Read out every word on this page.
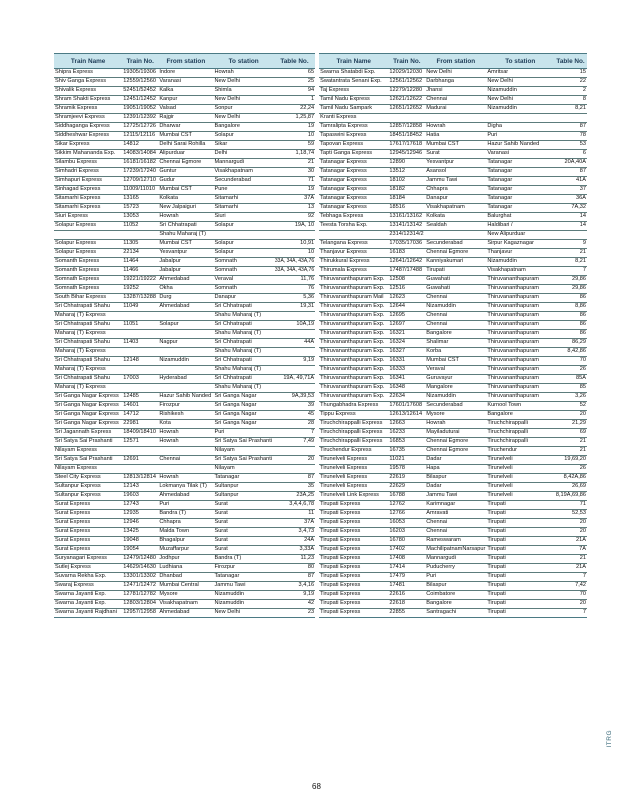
Train Name	Train No.	From station	To station	Table No.
Shipra Express	19305/19306	Indore	Howrah	65
Shiv Ganga Express	12559/12560	Varanasi	New Delhi	25
Shivalik Express	52451/52452	Kalka	Shimla	94
Shram Shakti Express	12451/12452	Kanpur	New Delhi	1
Shramik Express	19051/19052	Valsad	Sonpur	22,24
Shramjeevi Express	12391/12392	Rajgir	New Delhi	1,25,87
Siddhaganga Express	12725/12726	Dharwar	Bangalore	19
Siddheshwar Express	12115/12116	Mumbai CST	Solapur	10
Sikar Express	14812	Delhi Sarai Rohilla	Sikar	59
Sikkim Mahananda Exp.	14083/14084	Alipurduar	Delhi	1,18,74
Silambu Express	16181/16182	Chennai Egmore	Mannargudi	21
Simhadri Express	17239/17240	Guntur	Visakhapatnam	30
Simhapuri Express	12709/12710	Gudur	Secunderabad	71
Sinhagad Express	11009/11010	Mumbai CST	Pune	19
Sitamarhi Express	13165	Kolkata	Sitamarhi	37A
Sitamarhi Express	15723	New Jalpaiguri	Sitamarhi	13
Siuri Express	13053	Howrah	Siuri	92
Solapur Express	11052	Sri Chhatrapati	Solapur	19A, 10
		Shahu Maharaj (T)		
Solapur Express	11305	Mumbai CST	Solapur	10,91
Solapur Express	22134	Yesvantpur	Solapur	10
Somanth Express	11464	Jabalpur	Somnath	33A, 34A, 43A,76
Somanth Express	11466	Jabalpur	Somnath	33A, 34A, 43A,76
Somnath Express	19221/19222	Ahmedabad	Veraval	11,76
Somnath Express	19252	Okha	Somnath	76
South Bihar Express	13287/13288	Durg	Danapur	5,36
Sri Chhatrapati Shahu	11049	Ahmedabad	Sri Chhatrapati	19,31
Maharaj (T) Express			Shahu Maharaj (T)	
Sri Chhatrapati Shahu	11051	Solapur	Sri Chhatrapati	10A,19
Maharaj (T) Express			Shahu Maharaj (T)	
Sri Chhatrapati Shahu	11403	Nagpur	Sri Chhatrapati	44A
Maharaj (T) Express			Shahu Maharaj (T)	
Sri Chhatrapati Shahu	12148	Nizamuddin	Sri Chhatrapati	9,19
Maharaj (T) Express			Shahu Maharaj (T)	
Sri Chhatrapati Shahu	17003	Hyderabad	Sri Chhatrapati	19A, 49,71A
Maharaj (T) Express			Shahu Maharaj (T)	
Sri Ganga Nagar Express	12485	Hazur Sahib Nanded	Sri Ganga Nagar	9A,39,53
Sri Ganga Nagar Express	14601	Firozpur	Sri Ganga Nagar	39
Sri Ganga Nagar Express	14712	Rishikesh	Sri Ganga Nagar	45
Sri Ganga Nagar Express	22981	Kota	Sri Ganga Nagar	28
Sri Jagannath Express	18409/18410	Howrah	Puri	7
Sri Satya Sai Prashanti	12571	Howrah	Sri Satya Sai Prashanti	7,49
Nilayam Express			Nilayam	
Sri Satya Sai Prashanti	12691	Chennai	Sri Satya Sai Prashanti	20
Nilayam Express			Nilayam	
Steel City Express	12813/12814	Howrah	Tatanagar	87
Sultanpur Express	12143	Lokmanya Tilak (T)	Sultanpur	35
Sultanpur Express	19603	Ahmedabad	Sultanpur	23A,25
Surat Express	12743	Puri	Surat	3,4,4,6,78
Surat Express	12935	Bandra (T)	Surat	11
Surat Express	12946	Chhapra	Surat	37A
Surat Express	13425	Malda Town	Surat	3,4,73
Surat Express	19048	Bhagalpur	Surat	24A
Surat Express	19054	Muzaffarpur	Surat	3,33A
Suryanagari Express	12479/12480	Jodhpur	Bandra (T)	11,23
Sutlej Express	14629/14630	Ludhiana	Firozpur	80
Suvarna Rekha Exp.	13301/13302	Dhanbad	Tatanagar	87
Swaraj Express	12471/12472	Mumbai Central	Jammu Tawi	3,4,16
Swarna Jayanti Exp.	12781/12782	Mysore	Nizamuddin	9,19
Swarna Jayanti Exp.	12803/12804	Visakhapatnam	Nizamuddin	42
Swarna Jayanti Rajdhani	12957/12958	Ahmedabad	New Delhi	23
Train Name	Train No.	From station	To station	Table No.
Swarna Shatabdi Exp.	12029/12030	New Delhi	Amritsar	15
Swatantrata Senani Exp.	12561/12562	Darbhanga	New Delhi	22
Taj Express	12279/12280	Jhansi	Nizamuddin	2
Tamil Nadu Express	12621/12622	Chennai	New Delhi	8
Tamil Nadu Sampark	12651/12652	Madurai	Nizamuddin	8,21
Kranti Express				
Tamralipta Express	12857/12858	Howrah	Digha	87
Tapaswini Express	18451/18452	Hatia	Puri	78
Tapovan Express	17617/17618	Mumbai CST	Hazur Sahib Nanded	53
Tapti Ganga Express	12945/12946	Surat	Varanasi	6
Tatanagar Express	12890	Yesvantpur	Tatanagar	20A,40A
Tatanagar Express	13512	Asansol	Tatanagar	87
Tatanagar Express	18102	Jammu Tawi	Tatanagar	41A
Tatanagar Express	18182	Chhapra	Tatanagar	37
Tatanagar Express	18184	Danapur	Tatanagar	36A
Tatanagar Express	18516	Visakhapatnam	Tatanagar	7A,32
Tebhaga Express	13161/13162	Kolkata	Balurghat	14
Teesta Torsha Exp.	13141/13142	Sealdah	Haldibari /	14
	2314/12314/2		New Alipurduar	
Telangana Express	17035/17036	Secunderabad	Sirpur Kagaznagar	9
Thanjavur Express	16183	Chennai Egmore	Thanjavur	21
Thirukkural Express	12641/12642	Kanniyakumari	Nizamuddin	8,21
Thirumala Express	17487/17488	Tirupati	Visakhapatnam	7
Thiruvananthapuram Exp.	12508	Guwahati	Thiruvananthapuram	29,86
Thiruvananthapuram Exp.	12516	Guwahati	Thiruvananthapuram	29,86
Thiruvananthapuram Mail	12623	Chennai	Thiruvananthapuram	86
Thiruvananthapuram Exp.	12644	Nizamuddin	Thiruvananthapuram	8,86
Thiruvananthapuram Exp.	12695	Chennai	Thiruvananthapuram	86
Thiruvananthapuram Exp.	12697	Chennai	Thiruvananthapuram	86
Thiruvananthapuram Exp.	16321	Bangalore	Thiruvananthapuram	86
Thiruvananthapuram Exp.	16324	Shalimar	Thiruvananthapuram	86,29
Thiruvananthapuram Exp.	16327	Korba	Thiruvananthapuram	8,42,86
Thiruvananthapuram Exp.	16331	Mumbai CST	Thiruvananthapuram	70
Thiruvananthapuram Exp.	16333	Veraval	Thiruvananthapuram	26
Thiruvananthapuram Exp.	16341	Guruvayur	Thiruvananthapuram	85A
Thiruvananthapuram Exp.	16348	Mangalore	Thiruvananthapuram	85
Thiruvananthapuram Exp.	22634	Nizamuddin	Thiruvananthapuram	3,26
Thungabhadra Express	17601/17608	Secunderabad	Kurnool Town	52
Tippu Express	12613/12614	Mysore	Bangalore	20
Tiruchchirappalli Express	12663	Howrah	Tiruchchirappalli	21,29
Tiruchchirappalli Express	16233	Mayiladuturai	Tiruchchirappalli	69
Tiruchchirappalli Express	16853	Chennai Egmore	Tiruchchirappalli	21
Tiruchendur Express	16735	Chennai Egmore	Tiruchendur	21
Tirunelveli Express	11021	Dadar	Tirunelveli	19,69,20
Tirunelveli Express	19578	Hapa	Tirunelveli	26
Tirunelveli Express	22619	Bilaspur	Tirunelveli	8,42A,86
Tirunelveli Express	22629	Dadar	Tirunelveli	26,69
Tirunelveli Link Express	16788	Jammu Tawi	Tirunelveli	8,19A,69,86
Tirupati Express	12762	Karimnagar	Tirupati	71
Tirupati Express	12766	Amravati	Tirupati	52,53
Tirupati Express	16053	Chennai	Tirupati	20
Tirupati Express	16203	Chennai	Tirupati	20
Tirupati Express	16780	Rameswaram	Tirupati	21A
Tirupati Express	17402	MachilipatnamNarsapur	Tirupati	7A
Tirupati Express	17408	Mannargudi	Tirupati	21
Tirupati Express	17414	Puducherry	Tirupati	21A
Tirupati Express	17479	Puri	Tirupati	7
Tirupati Express	17481	Bilaspur	Tirupati	7,42
Tirupati Express	22616	Coimbatore	Tirupati	70
Tirupati Express	22618	Bangalore	Tirupati	20
Tirupati Express	22855	Santragachi	Tirupati	7
68
ITRG
